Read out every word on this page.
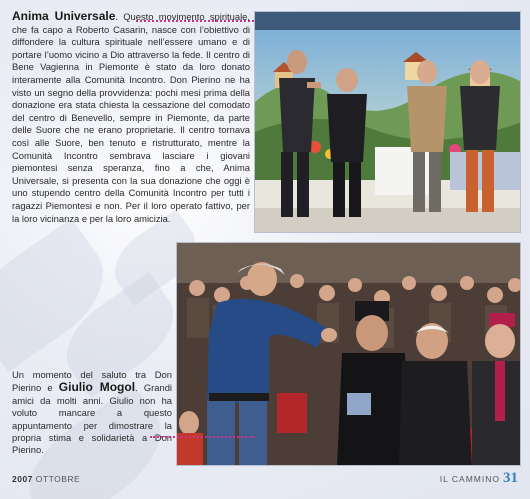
Anima Universale. Questo movimento spirituale, che fa capo a Roberto Casarin, nasce con l’obiettivo di diffondere la cultura spirituale nell’essere umano e di portare l’uomo vicino a Dio attraverso la fede. Il centro di Bene Vagienna in Piemonte è stato da loro donato interamente alla Comunità Incontro. Don Pierino ne ha visto un segno della provvidenza: pochi mesi prima della donazione era stata chiesta la cessazione del comodato del centro di Benevello, sempre in Piemonte, da parte delle Suore che ne erano proprietarie. Il centro tornava così alle Suore, ben tenuto e ristrutturato, mentre la Comunità Incontro sembrava lasciare i giovani piemontesi senza speranza, fino a che, Anima Universale, si presenta con la sua donazione che oggi è uno stupendo centro della Comunità Incontro per tutti i ragazzi Piemontesi e non. Per il loro operato fattivo, per la loro vicinanza e per la loro amicizia.
Un momento del saluto tra Don Pierino e Giulio Mogol. Grandi amici da molti anni. Giulio non ha voluto mancare a questo appuntamento per dimostrare la propria stima e solidarietà a Don Pierino.
2007 OTTOBRE	IL CAMMINO 31
